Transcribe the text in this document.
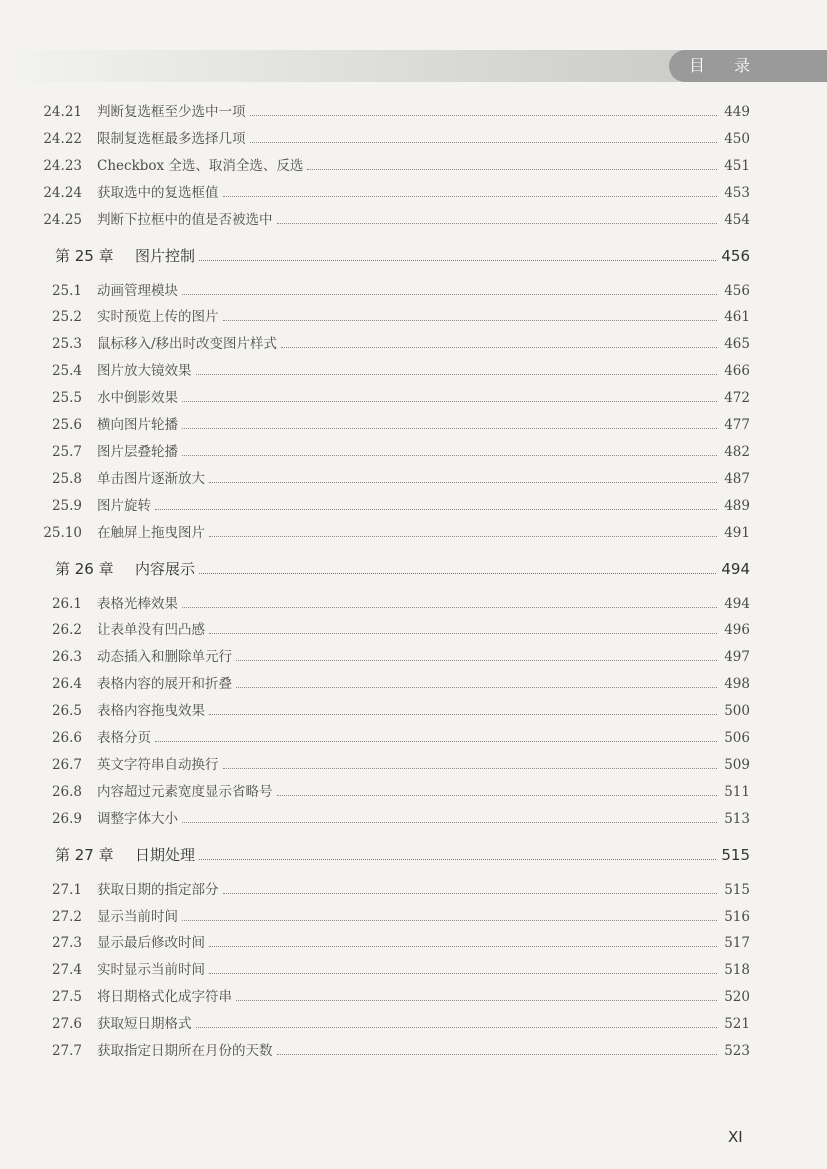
目 录
24.21	判断复选框至少选中一项	449
24.22	限制复选框最多选择几项	450
24.23	Checkbox 全选、取消全选、反选	451
24.24	获取选中的复选框值	453
24.25	判断下拉框中的值是否被选中	454
第 25 章	图片控制	456
25.1	动画管理模块	456
25.2	实时预览上传的图片	461
25.3	鼠标移入/移出时改变图片样式	465
25.4	图片放大镜效果	466
25.5	水中倒影效果	472
25.6	横向图片轮播	477
25.7	图片层叠轮播	482
25.8	单击图片逐渐放大	487
25.9	图片旋转	489
25.10	在触屏上拖曳图片	491
第 26 章	内容展示	494
26.1	表格光棒效果	494
26.2	让表单没有凹凸感	496
26.3	动态插入和删除单元行	497
26.4	表格内容的展开和折叠	498
26.5	表格内容拖曳效果	500
26.6	表格分页	506
26.7	英文字符串自动换行	509
26.8	内容超过元素宽度显示省略号	511
26.9	调整字体大小	513
第 27 章	日期处理	515
27.1	获取日期的指定部分	515
27.2	显示当前时间	516
27.3	显示最后修改时间	517
27.4	实时显示当前时间	518
27.5	将日期格式化成字符串	520
27.6	获取短日期格式	521
27.7	获取指定日期所在月份的天数	523
XI
